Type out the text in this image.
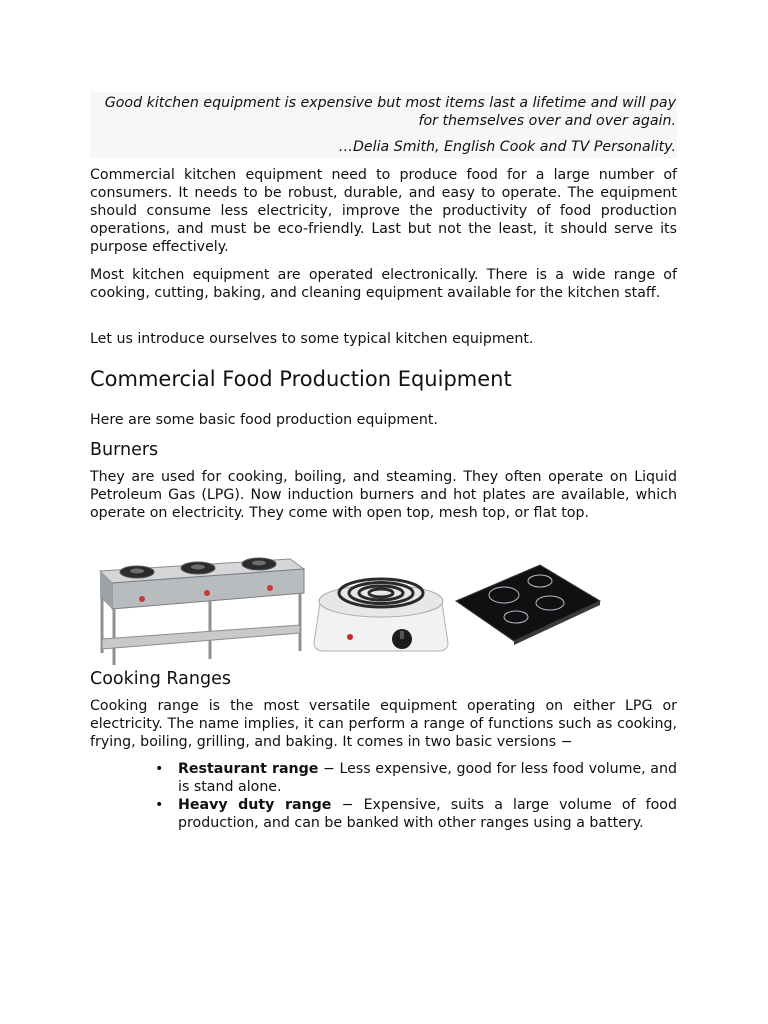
Good kitchen equipment is expensive but most items last a lifetime and will pay for themselves over and over again.

…Delia Smith, English Cook and TV Personality.

Commercial kitchen equipment need to produce food for a large number of consumers. It needs to be robust, durable, and easy to operate. The equipment should consume less electricity, improve the productivity of food production operations, and must be eco-friendly. Last but not the least, it should serve its purpose effectively.

Most kitchen equipment are operated electronically. There is a wide range of cooking, cutting, baking, and cleaning equipment available for the kitchen staff.

Let us introduce ourselves to some typical kitchen equipment.

Commercial Food Production Equipment

Here are some basic food production equipment.

Burners

They are used for cooking, boiling, and steaming. They often operate on Liquid Petroleum Gas (LPG). Now induction burners and hot plates are available, which operate on electricity. They come with open top, mesh top, or flat top.

Cooking Ranges

Cooking range is the most versatile equipment operating on either LPG or electricity. The name implies, it can perform a range of functions such as cooking, frying, boiling, grilling, and baking. It comes in two basic versions −

• Restaurant range − Less expensive, good for less food volume, and is stand alone.
• Heavy duty range − Expensive, suits a large volume of food production, and can be banked with other ranges using a battery.
